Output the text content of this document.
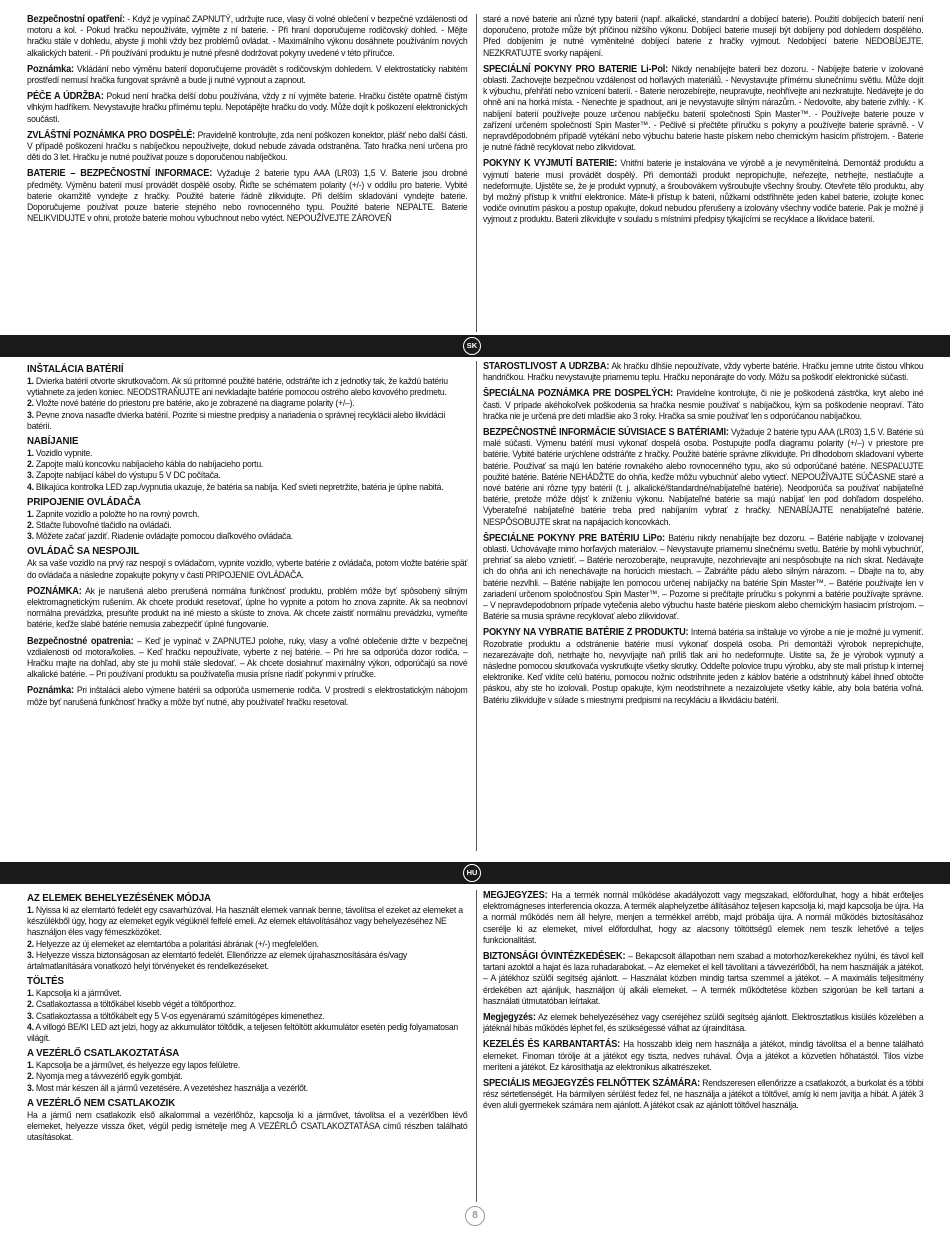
Bezpečnostní opatření: - Když je vypínač ZAPNUTÝ, udržujte ruce, vlasy či volné oblečení v bezpečné vzdálenosti od motoru a kol. - Pokud hračku nepoužíváte, vyjměte z ní baterie. - Při hraní doporučujeme rodičovský dohled. - Mějte hračku stále v dohledu, abyste ji mohli vždy bez problémů ovládat. - Maximálního výkonu dosáhnete používáním nových alkalických baterií. - Při používání produktu je nutné přesně dodržovat pokyny uvedené v této příručce.

Poznámka: Vkládání nebo výměnu baterií doporučujeme provádět s rodičovským dohledem. V elektrostaticky nabitém prostředí nemusí hračka fungovat správně a bude ji nutné vypnout a zapnout.

PÉČE A ÚDRŽBA: Pokud není hračka delší dobu používána, vždy z ní vyjměte baterie. Hračku čistěte opatrně čistým vlhkým hadříkem. Nevystavujte hračku přímému teplu. Nepotápějte hračku do vody. Může dojít k poškození elektronických součástí.

ZVLÁŠTNÍ POZNÁMKA PRO DOSPĚLÉ: Pravidelně kontrolujte, zda není poškozen konektor, plášť nebo další části. V případě poškození hračku s nabíječkou nepoužívejte, dokud nebude závada odstraněna. Tato hračka není určena pro děti do 3 let. Hračku je nutné používat pouze s doporučenou nabíječkou.

BATERIE – BEZPEČNOSTNÍ INFORMACE: Vyžaduje 2 baterie typu AAA (LR03) 1,5 V. Baterie jsou drobné předměty. Výměnu baterií musí provádět dospělé osoby. Řiďte se schématem polarity (+/-) v oddílu pro baterie. Vybité baterie okamžitě vyndejte z hračky. Použité baterie řádně zlikvidujte. Při delším skladování vyndejte baterie. Doporučujeme používat pouze baterie stejného nebo rovnocenného typu. Použité baterie NEPALTE. Baterie NELIKVIDUJTE v ohni, protože baterie mohou vybuchnout nebo vytéct. NEPOUŽÍVEJTE ZÁROVEŇ

staré a nové baterie ani různé typy baterií (např. alkalické, standardní a dobíjecí baterie). Použití dobíjecích baterií není doporučeno, protože může být příčinou nižšího výkonu. Dobíjecí baterie musejí být dobíjeny pod dohledem dospělého. Před dobíjením je nutné vyměnitelné dobíjecí baterie z hračky vyjmout. Nedobíjecí baterie NEDOBÍJEJTE. NEZKRATUJTE svorky napájení.

SPECIÁLNÍ POKYNY PRO BATERIE Li-Pol: Nikdy nenabíjejte baterii bez dozoru. - Nabíjejte baterie v izolované oblasti. Zachovejte bezpečnou vzdálenost od hořlavých materiálů. - Nevystavujte přímému slunečnímu světlu. Může dojít k výbuchu, přehřátí nebo vznícení baterií. - Baterie nerozebírejte, neupravujte, neohřívejte ani nezkratujte. Nedávejte je do ohně ani na horká místa. - Nenechte je spadnout, ani je nevystavujte silným nárazům. - Nedovolte, aby baterie zvlhly. - K nabíjení baterií používejte pouze určenou nabíječku baterií společnosti Spin Master™. - Používejte baterie pouze v zařízení určeném společností Spin Master™. - Pečlivě si přečtěte příručku s pokyny a používejte baterie správně. - V nepravděpodobném případě vytékání nebo výbuchu baterie haste pískem nebo chemickým hasicím přístrojem. - Baterie je nutné řádně recyklovat nebo zlikvidovat.

POKYNY K VYJMUTÍ BATERIE: Vnitřní baterie je instalována ve výrobě a je nevyměnitelná. Demontáž produktu a vyjmutí baterie musí provádět dospělý. Při demontáži produkt nepropichujte, neřezejte, netrhejte, nestlačujte a nedeformujte. Ujistěte se, že je produkt vypnutý, a šroubovákem vyšroubujte všechny šrouby. Otevřete tělo produktu, aby byl možný přístup k vnitřní elektronice. Máte-li přístup k baterii, nůžkami odstřihněte jeden kabel baterie, izolujte konec vodiče ovinutím páskou a postup opakujte, dokud nebudou přerušeny a izolovány všechny vodiče baterie. Pak je možné ji vyjmout z produktu. Baterii zlikvidujte v souladu s místními předpisy týkajícími se recyklace a likvidace baterií.

SK
INŠTALÁCIA BATÉRIÍ
1. Dvierka batérií otvorte skrutkovačom. Ak sú prítomné použité batérie, odstráňte ich z jednotky tak, že každú batériu vytiahnete za jeden koniec. NEODSTRAŇUJTE ani nevkladajte batérie pomocou ostrého alebo kovového predmetu.
2. Vložte nové batérie do priestoru pre batérie, ako je zobrazené na diagrame polarity (+/–).
3. Pevne znova nasaďte dvierka batérií. Pozrite si miestne predpisy a nariadenia o správnej recyklácii alebo likvidácii batérií.
NABÍJANIE
1. Vozidlo vypnite.
2. Zapojte malú koncovku nabíjacieho kábla do nabíjacieho portu.
3. Zapojte nabíjací kábel do výstupu 5 V DC počítača.
4. Blikajúca kontrolka LED zap./vypnutia ukazuje, že batéria sa nabíja. Keď svieti nepretržite, batéria je úplne nabitá.
PRIPOJENIE OVLÁDAČA
1. Zapnite vozidlo a položte ho na rovný povrch.
2. Stlačte ľubovoľné tlačidlo na ovládači.
3. Môžete začať jazdiť. Riadenie ovládajte pomocou diaľkového ovládača.
OVLÁDAČ SA NESPOJIL

Ak sa vaše vozidlo na prvý raz nespojí s ovládačom, vypnite vozidlo, vyberte batérie z ovládača, potom vložte batérie späť do ovládača a následne zopakujte pokyny v časti PRIPOJENIE OVLÁDAČA.

POZNÁMKA: Ak je narušená alebo prerušená normálna funkčnosť produktu, problém môže byť spôsobený silným elektromagnetickým rušením. Ak chcete produkt resetovať, úplne ho vypnite a potom ho znova zapnite. Ak sa neobnoví normálna prevádzka, presuňte produkt na iné miesto a skúste to znova. Ak chcete zaistiť normálnu prevádzku, vymeňte batérie, keďže slabé batérie nemusia zabezpečiť úplné fungovanie.

Bezpečnostné opatrenia: – Keď je vypínač v ZAPNUTEJ polohe, ruky, vlasy a voľné oblečenie držte v bezpečnej vzdialenosti od motora/kolies. – Keď hračku nepoužívate, vyberte z nej batérie. – Pri hre sa odporúča dozor rodiča. – Hračku majte na dohľad, aby ste ju mohli stále sledovať. – Ak chcete dosiahnuť maximálny výkon, odporúčajú sa nové alkalické batérie. – Pri používaní produktu sa používateľia musia prísne riadiť pokynmi v príručke.

Poznámka: Pri inštalácii alebo výmene batérií sa odporúča usmernenie rodiča. V prostredí s elektrostatickým nábojom môže byť narušená funkčnosť hračky a môže byť nutné, aby používateľ hračku resetoval.

STAROSTLIVOSŤ A ÚDRŽBA: Ak hračku dlhšie nepoužívate, vždy vyberte batérie. Hračku jemne utrite čistou vlhkou handričkou. Hračku nevystavujte priamemu teplu. Hračku neponárajte do vody. Môžu sa poškodiť elektronické súčasti.

ŠPECIÁLNA POZNÁMKA PRE DOSPELÝCH: Pravidelne kontrolujte, či nie je poškodená zástrčka, kryt alebo iné časti. V prípade akéhokoľvek poškodenia sa hračka nesmie používať s nabíjačkou, kým sa poškodenie neopraví. Táto hračka nie je určená pre deti mladšie ako 3 roky. Hračka sa smie používať len s odporúčanou nabíjačkou.

BEZPEČNOSTNÉ INFORMÁCIE SÚVISIACE S BATÉRIAMI: Vyžaduje 2 batérie typu AAA (LR03) 1,5 V. Batérie sú malé súčasti. Výmenu batérií musí vykonať dospelá osoba. Postupujte podľa diagramu polarity (+/–) v priestore pre batérie. Vybité batérie urýchlene odstráňte z hračky. Použité batérie správne zlikvidujte. Pri dlhodobom skladovaní vyberte batérie. Používať sa majú len batérie rovnakého alebo rovnocenného typu, ako sú odporúčané batérie. NESPAĽUJTE použité batérie. Batérie NEHÁDŽTE do ohňa, keďže môžu vybuchnúť alebo vytiecť. NEPOUŽÍVAJTE SÚČASNE staré a nové batérie ani rôzne typy batérií (t. j. alkalické/štandardné/nabíjateľné batérie). Neodporúča sa používať nabíjateľné batérie, pretože môže dôjsť k zníženiu výkonu. Nabíjateľné batérie sa majú nabíjať len pod dohľadom dospelého. Vyberateľné nabíjateľné batérie treba pred nabíjaním vybrať z hračky. NENABÍJAJTE nenabíjateľné batérie. NESPÔSOBUJTE skrat na napájacích koncovkách.

ŠPECIÁLNE POKYNY PRE BATÉRIU LiPo: Batériu nikdy nenabíjajte bez dozoru. – Batérie nabíjajte v izolovanej oblasti. Uchovávajte mimo horľavých materiálov. – Nevystavujte priamemu slnečnému svetlu. Batérie by mohli vybuchnúť, prehriať sa alebo vznietiť. – Batérie nerozoberajte, neupravujte, nezohrievajte ani nespôsobujte na nich skrat. Nedávajte ich do ohňa ani ich nenechávajte na horúcich miestach. – Zabráňte pádu alebo silným nárazom. – Dbajte na to, aby batérie nezvlhli. – Batérie nabíjajte len pomocou určenej nabíjačky na batérie Spin Master™. – Batérie používajte len v zariadení určenom spoločnosťou Spin Master™. – Pozorne si prečítajte príručku s pokynmi a batérie používajte správne. – V nepravdepodobnom prípade vytečenia alebo výbuchu haste batérie pieskom alebo chemickým hasiacim prístrojom. – Batérie sa musia správne recyklovať alebo zlikvidovať.

POKYNY NA VYBRATIE BATÉRIE Z PRODUKTU: Interná batéria sa inštaluje vo výrobe a nie je možné ju vymeniť. Rozobratie produktu a odstránenie batérie musí vykonať dospelá osoba. Pri demontáži výrobok neprepichujte, nezarezávajte doň, netrhajte ho, nevyvíjajte naň príliš tlak ani ho nedeformujte. Uistite sa, že je výrobok vypnutý a následne pomocou skrutkovača vyskrutkujte všetky skrutky. Oddeľte polovice trupu výrobku, aby ste mali prístup k internej elektronike. Keď vidíte celú batériu, pomocou nožnic odstrihnite jeden z káblov batérie a odstrihnutý kábel ihneď obtočte páskou, aby ste ho izolovali. Postup opakujte, kým neodstrihnete a nezaizolujete všetky káble, aby bola batéria voľná. Batériu zlikvidujte v súlade s miestnymi predpismi na recykláciu a likvidáciu batérií.

HU
AZ ELEMEK BEHELYEZÉSÉNEK MÓDJA
1. Nyissa ki az elemtartó fedelét egy csavarhúzóval. Ha használt elemek vannak benne, távolítsa el ezeket az elemeket a készülékből úgy, hogy az elemeket egyik végüknél felfelé emeli. Az elemek eltávolításához vagy behelyezéséhez NE használjon éles vagy fémeszközöket.
2. Helyezze az új elemeket az elemtartóba a polaritási ábrának (+/-) megfelelően.
3. Helyezze vissza biztonságosan az elemtartó fedelét. Ellenőrizze az elemek újrahasznosítására és/vagy ártalmatlanítására vonatkozó helyi törvényeket és rendelkezéseket.
TÖLTÉS
1. Kapcsolja ki a járművet.
2. Csatlakoztassa a töltőkábel kisebb végét a töltőporthoz.
3. Csatlakoztassa a töltőkábelt egy 5 V-os egyenáramú számítógépes kimenethez.
4. A villogó BE/KI LED azt jelzi, hogy az akkumulátor töltődik, a teljesen feltöltött akkumulátor esetén pedig folyamatosan világít.
A VEZÉRLŐ CSATLAKOZTATÁSA
1. Kapcsolja be a járművet, és helyezze egy lapos felületre.
2. Nyomja meg a távvezérlő egyik gombját.
3. Most már készen áll a jármű vezetésére. A vezetéshez használja a vezérlőt.
A VEZÉRLŐ NEM CSATLAKOZIK

Ha a jármű nem csatlakozik első alkalommal a vezérlőhöz, kapcsolja ki a járművet, távolítsa el a vezérlőben lévő elemeket, helyezze vissza őket, végül pedig ismételje meg A VEZÉRLŐ CSATLAKOZTATÁSA című részben található utasításokat.

MEGJEGYZÉS: Ha a termék normál működése akadályozott vagy megszakad, előfordulhat, hogy a hibát erőteljes elektromágneses interferencia okozza. A termék alaphelyzetbe állításához teljesen kapcsolja ki, majd kapcsolja be újra. Ha a normál működés nem áll helyre, menjen a termékkel arrébb, majd próbálja újra. A normál működés biztosításához cserélje ki az elemeket, mivel előfordulhat, hogy az alacsony töltöttségű elemek nem teszik lehetővé a teljes funkcionalitást.

BIZTONSÁGI ÓVINTÉZKEDÉSEK: – Bekapcsolt állapotban nem szabad a motorhoz/kerekekhez nyúlni, és távol kell tartani azoktól a hajat és laza ruhadarabokat. – Az elemeket el kell távolítani a távvezérlőből, ha nem használják a játékot. – A játékhoz szülői segítség ajánlott. – Használat közben mindig tartsa szemmel a játékot. – A maximális teljesítmény érdekében azt ajánljuk, használjon új alkáli elemeket. – A termék működtetése közben szigorúan be kell tartani a használati útmutatóban leírtakat.

Megjegyzés: Az elemek behelyezéséhez vagy cseréjéhez szülői segítség ajánlott. Elektrosztatikus kisülés közelében a játéknál hibás működés léphet fel, és szükségessé válhat az újraindítása.

KEZELÉS ÉS KARBANTARTÁS: Ha hosszabb ideig nem használja a játékot, mindig távolítsa el a benne található elemeket. Finoman törölje át a játékot egy tiszta, nedves ruhával. Óvja a játékot a közvetlen hőhatástól. Tilos vízbe meríteni a játékot. Ez károsíthatja az elektronikus alkatrészeket.

SPECIÁLIS MEGJEGYZÉS FELNŐTTEK SZÁMÁRA: Rendszeresen ellenőrizze a csatlakozót, a burkolat és a többi rész sértetlenségét. Ha bármilyen sérülést fedez fel, ne használja a játékot a töltővel, amíg ki nem javítja a hibát. A játék 3 éven aluli gyermekek számára nem ajánlott. A játékot csak az ajánlott töltővel használja.

8
